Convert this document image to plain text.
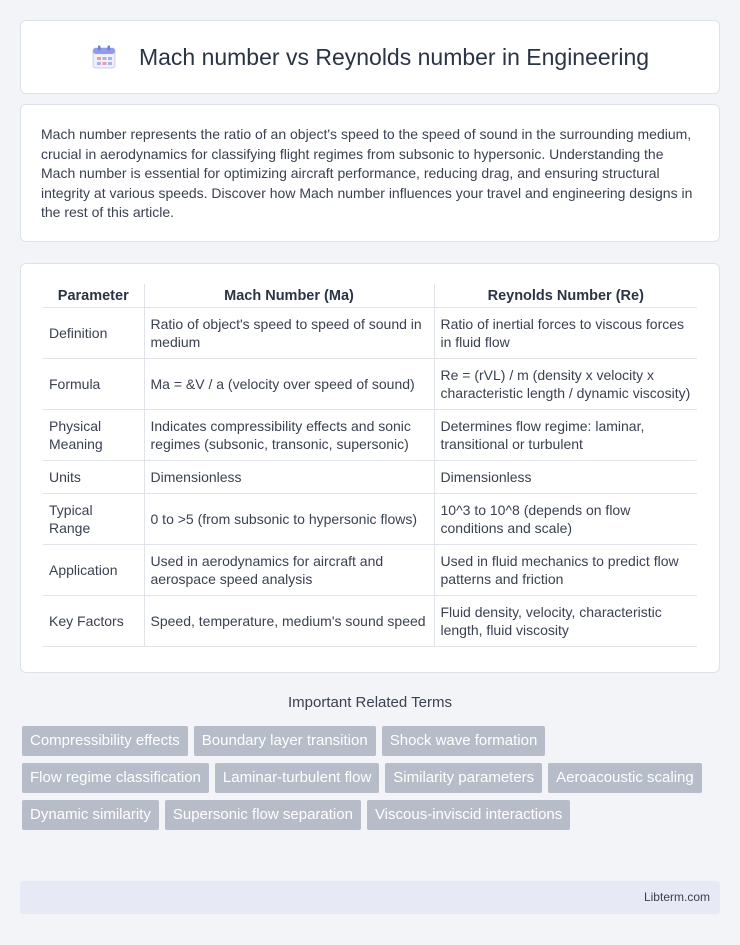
Mach number vs Reynolds number in Engineering

Mach number represents the ratio of an object's speed to the speed of sound in the surrounding medium, crucial in aerodynamics for classifying flight regimes from subsonic to hypersonic. Understanding the Mach number is essential for optimizing aircraft performance, reducing drag, and ensuring structural integrity at various speeds. Discover how Mach number influences your travel and engineering designs in the rest of this article.

Parameter	Mach Number (Ma)	Reynolds Number (Re)
Definition	Ratio of object's speed to speed of sound in medium	Ratio of inertial forces to viscous forces in fluid flow
Formula	Ma = &V / a (velocity over speed of sound)	Re = (rVL) / m (density x velocity x characteristic length / dynamic viscosity)
Physical Meaning	Indicates compressibility effects and sonic regimes (subsonic, transonic, supersonic)	Determines flow regime: laminar, transitional or turbulent
Units	Dimensionless	Dimensionless
Typical Range	0 to >5 (from subsonic to hypersonic flows)	10^3 to 10^8 (depends on flow conditions and scale)
Application	Used in aerodynamics for aircraft and aerospace speed analysis	Used in fluid mechanics to predict flow patterns and friction
Key Factors	Speed, temperature, medium's sound speed	Fluid density, velocity, characteristic length, fluid viscosity
Important Related Terms
Compressibility effects	Boundary layer transition	Shock wave formation
Flow regime classification	Laminar-turbulent flow	Similarity parameters	Aeroacoustic scaling
Dynamic similarity	Supersonic flow separation	Viscous-inviscid interactions
Libterm.com
